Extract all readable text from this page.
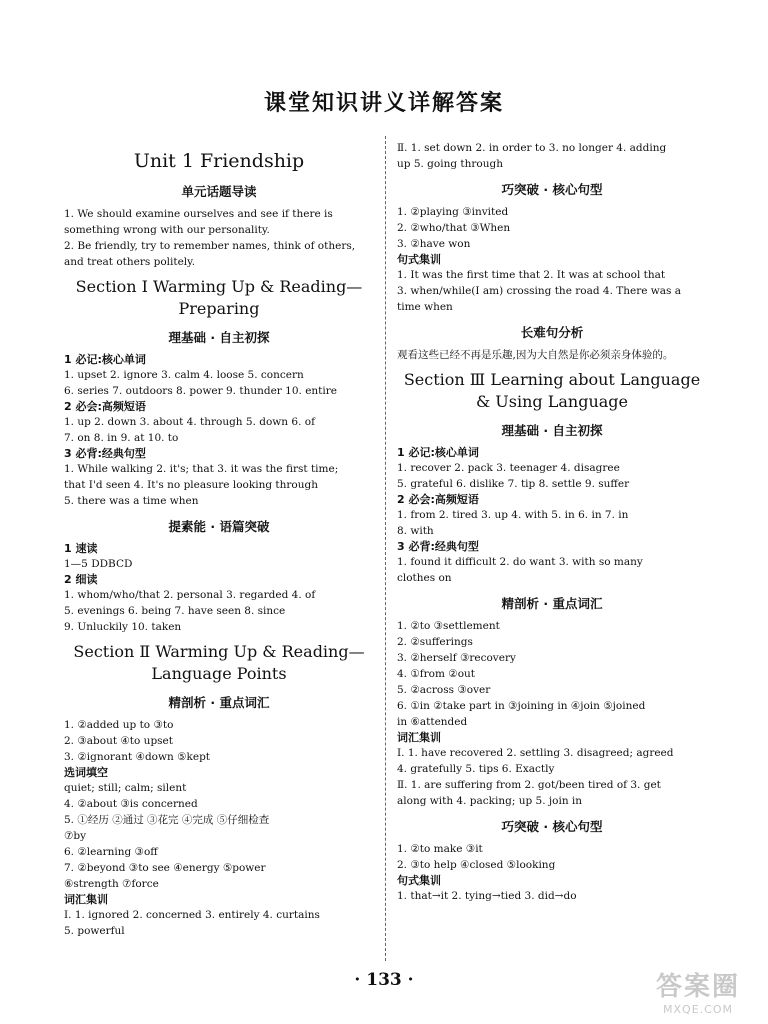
课堂知识讲义详解答案
Unit 1 Friendship
单元话题导读
1. We should examine ourselves and see if there is something wrong with our personality.
2. Be friendly, try to remember names, think of others, and treat others politely.
Section Ⅰ Warming Up & Reading—Preparing
理基础 · 自主初探
1 必记:核心单词
1. upset 2. ignore 3. calm 4. loose 5. concern
6. series 7. outdoors 8. power 9. thunder 10. entire
2 必会:高频短语
1. up 2. down 3. about 4. through 5. down 6. of
7. on 8. in 9. at 10. to
3 必背:经典句型
1. While walking 2. it's; that 3. it was the first time;
that I'd seen 4. It's no pleasure looking through
5. there was a time when
提素能 · 语篇突破
1 速读
1—5 DDBCD
2 细读
1. whom/who/that 2. personal 3. regarded 4. of
5. evenings 6. being 7. have seen 8. since
9. Unluckily 10. taken
Section Ⅱ Warming Up & Reading—Language Points
精剖析 · 重点词汇
1. ②added up to ③to
2. ③about ④to upset
3. ②ignorant ④down ⑤kept
选词填空
quiet; still; calm; silent
4. ②about ③is concerned
5. ①经历 ②通过 ③花完 ④完成 ⑤仔细检查
⑦by
6. ②learning ③off
7. ②beyond ③to see ④energy ⑤power
⑥strength ⑦force
词汇集训
Ⅰ. 1. ignored 2. concerned 3. entirely 4. curtains
5. powerful
Ⅱ. 1. set down 2. in order to 3. no longer 4. adding
up 5. going through
巧突破 · 核心句型
1. ②playing ③invited
2. ②who/that ③When
3. ②have won
句式集训
1. It was the first time that 2. It was at school that
3. when/while(I am) crossing the road 4. There was a
time when
长难句分析
观看这些已经不再是乐趣,因为大自然是你必须亲身体验的。
Section Ⅲ Learning about Language & Using Language
理基础 · 自主初探
1 必记:核心单词
1. recover 2. pack 3. teenager 4. disagree
5. grateful 6. dislike 7. tip 8. settle 9. suffer
2 必会:高频短语
1. from 2. tired 3. up 4. with 5. in 6. in 7. in
8. with
3 必背:经典句型
1. found it difficult 2. do want 3. with so many
clothes on
精剖析 · 重点词汇
1. ②to ③settlement
2. ②sufferings
3. ②herself ③recovery
4. ①from ②out
5. ②across ③over
6. ①in ②take part in ③joining in ④join ⑤joined
in ⑥attended
词汇集训
Ⅰ. 1. have recovered 2. settling 3. disagreed; agreed
4. gratefully 5. tips 6. Exactly
Ⅱ. 1. are suffering from 2. got/been tired of 3. get
along with 4. packing; up 5. join in
巧突破 · 核心句型
1. ②to make ③it
2. ③to help ④closed ⑤looking
句式集训
1. that→it 2. tying→tied 3. did→do
· 133 ·	答案圈
MXQE.COM
